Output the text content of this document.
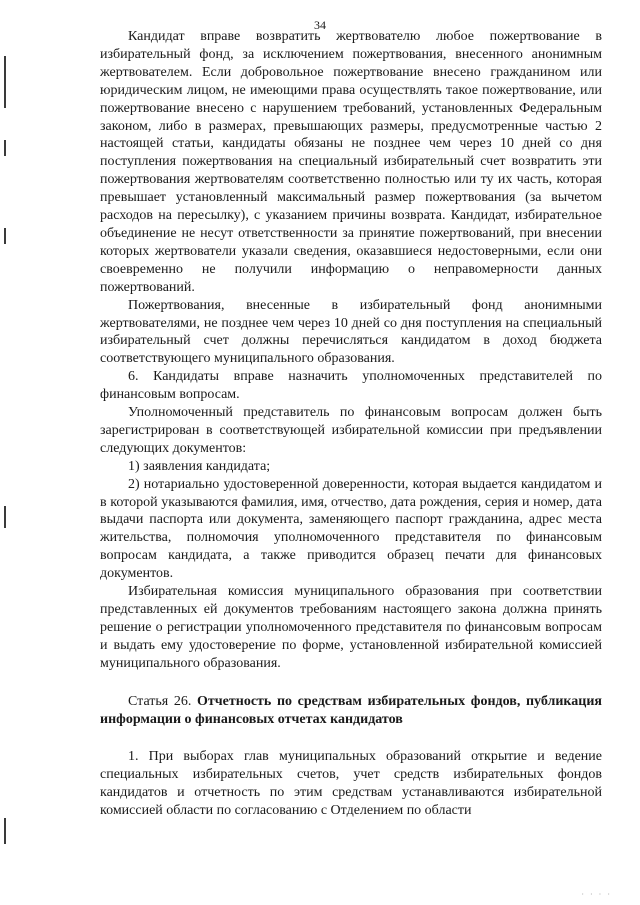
34

Кандидат вправе возвратить жертвователю любое пожертвование в избирательный фонд, за исключением пожертвования, внесенного анонимным жертвователем. Если добровольное пожертвование внесено гражданином или юридическим лицом, не имеющими права осуществлять такое пожертвование, или пожертвование внесено с нарушением требований, установленных Федеральным законом, либо в размерах, превышающих размеры, предусмотренные частью 2 настоящей статьи, кандидаты обязаны не позднее чем через 10 дней со дня поступления пожертвования на специальный избирательный счет возвратить эти пожертвования жертвователям соответственно полностью или ту их часть, которая превышает установленный максимальный размер пожертвования (за вычетом расходов на пересылку), с указанием причины возврата. Кандидат, избирательное объединение не несут ответственности за принятие пожертвований, при внесении которых жертвователи указали сведения, оказавшиеся недостоверными, если они своевременно не получили информацию о неправомерности данных пожертвований.

Пожертвования, внесенные в избирательный фонд анонимными жертвователями, не позднее чем через 10 дней со дня поступления на специальный избирательный счет должны перечисляться кандидатом в доход бюджета соответствующего муниципального образования.

6. Кандидаты вправе назначить уполномоченных представителей по финансовым вопросам.

Уполномоченный представитель по финансовым вопросам должен быть зарегистрирован в соответствующей избирательной комиссии при предъявлении следующих документов:

1) заявления кандидата;

2) нотариально удостоверенной доверенности, которая выдается кандидатом и в которой указываются фамилия, имя, отчество, дата рождения, серия и номер, дата выдачи паспорта или документа, заменяющего паспорт гражданина, адрес места жительства, полномочия уполномоченного представителя по финансовым вопросам кандидата, а также приводится образец печати для финансовых документов.

Избирательная комиссия муниципального образования при соответствии представленных ей документов требованиям настоящего закона должна принять решение о регистрации уполномоченного представителя по финансовым вопросам и выдать ему удостоверение по форме, установленной избирательной комиссией муниципального образования.

Статья 26. Отчетность по средствам избирательных фондов, публикация информации о финансовых отчетах кандидатов

1. При выборах глав муниципальных образований открытие и ведение специальных избирательных счетов, учет средств избирательных фондов кандидатов и отчетность по этим средствам устанавливаются избирательной комиссией области по согласованию с Отделением по области

· · · ·
